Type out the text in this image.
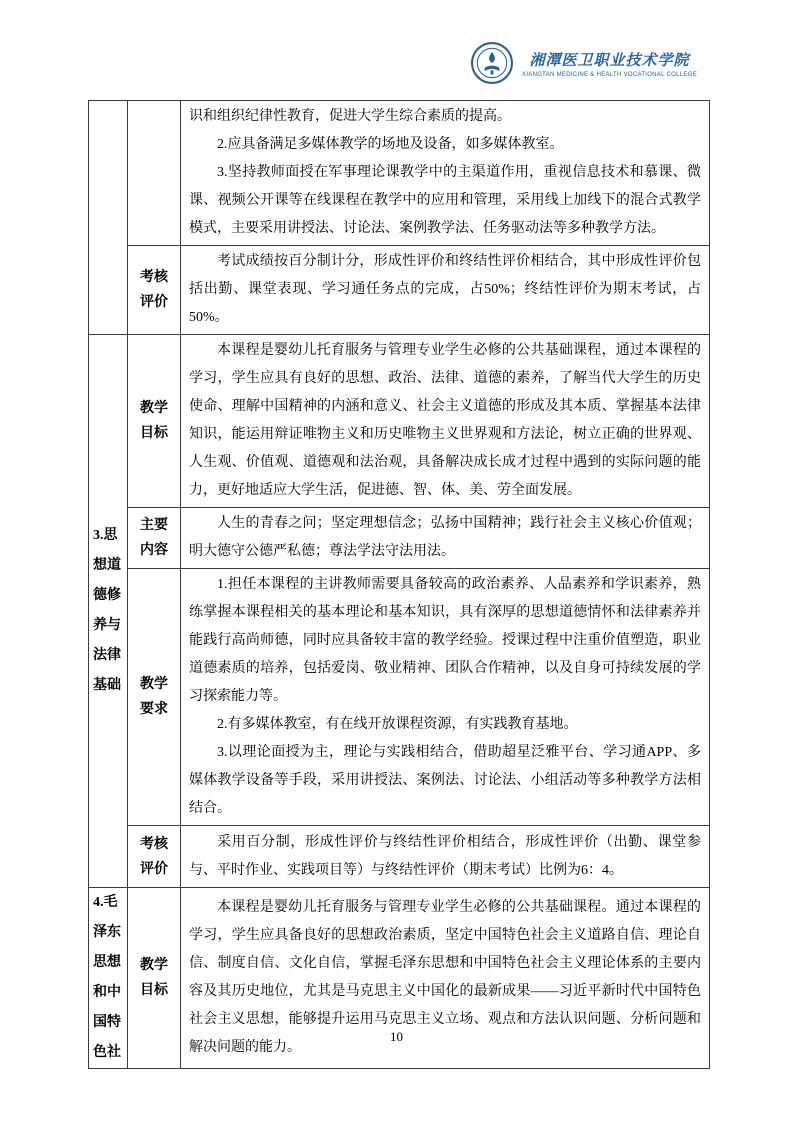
湘潭医卫职业技术学院
XIANGTAN MEDICINE & HEALTH VOCATIONAL COLLEGE

		识和组织纪律性教育，促进大学生综合素质的提高。

2.应具备满足多媒体教学的场地及设备，如多媒体教室。

3.坚持教师面授在军事理论课教学中的主渠道作用，重视信息技术和慕课、微课、视频公开课等在线课程在教学中的应用和管理，采用线上加线下的混合式教学模式，主要采用讲授法、讨论法、案例教学法、任务驱动法等多种教学方法。

	考核评价	考试成绩按百分制计分，形成性评价和终结性评价相结合，其中形成性评价包括出勤、课堂表现、学习通任务点的完成，占50%；终结性评价为期末考试，占50%。

3.思想道德修养与法律基础	教学目标	本课程是婴幼儿托育服务与管理专业学生必修的公共基础课程，通过本课程的学习，学生应具有良好的思想、政治、法律、道德的素养，了解当代大学生的历史使命、理解中国精神的内涵和意义、社会主义道德的形成及其本质、掌握基本法律知识，能运用辩证唯物主义和历史唯物主义世界观和方法论，树立正确的世界观、人生观、价值观、道德观和法治观，具备解决成长成才过程中遇到的实际问题的能力，更好地适应大学生活，促进德、智、体、美、劳全面发展。

	主要内容	人生的青春之问；坚定理想信念；弘扬中国精神；践行社会主义核心价值观；明大德守公德严私德；尊法学法守法用法。

	教学要求	1.担任本课程的主讲教师需要具备较高的政治素养、人品素养和学识素养，熟练掌握本课程相关的基本理论和基本知识，具有深厚的思想道德情怀和法律素养并能践行高尚师德，同时应具备较丰富的教学经验。授课过程中注重价值塑造，职业道德素质的培养，包括爱岗、敬业精神、团队合作精神，以及自身可持续发展的学习探索能力等。

2.有多媒体教室，有在线开放课程资源，有实践教育基地。

3.以理论面授为主，理论与实践相结合，借助超星泛雅平台、学习通APP、多媒体教学设备等手段，采用讲授法、案例法、讨论法、小组活动等多种教学方法相结合。

	考核评价	采用百分制，形成性评价与终结性评价相结合，形成性评价（出勤、课堂参与、平时作业、实践项目等）与终结性评价（期末考试）比例为6：4。

4.毛泽东思想和中国特色社	教学目标	本课程是婴幼儿托育服务与管理专业学生必修的公共基础课程。通过本课程的学习，学生应具备良好的思想政治素质，坚定中国特色社会主义道路自信、理论自信、制度自信、文化自信，掌握毛泽东思想和中国特色社会主义理论体系的主要内容及其历史地位，尤其是马克思主义中国化的最新成果——习近平新时代中国特色社会主义思想，能够提升运用马克思主义立场、观点和方法认识问题、分析问题和解决问题的能力。

10
